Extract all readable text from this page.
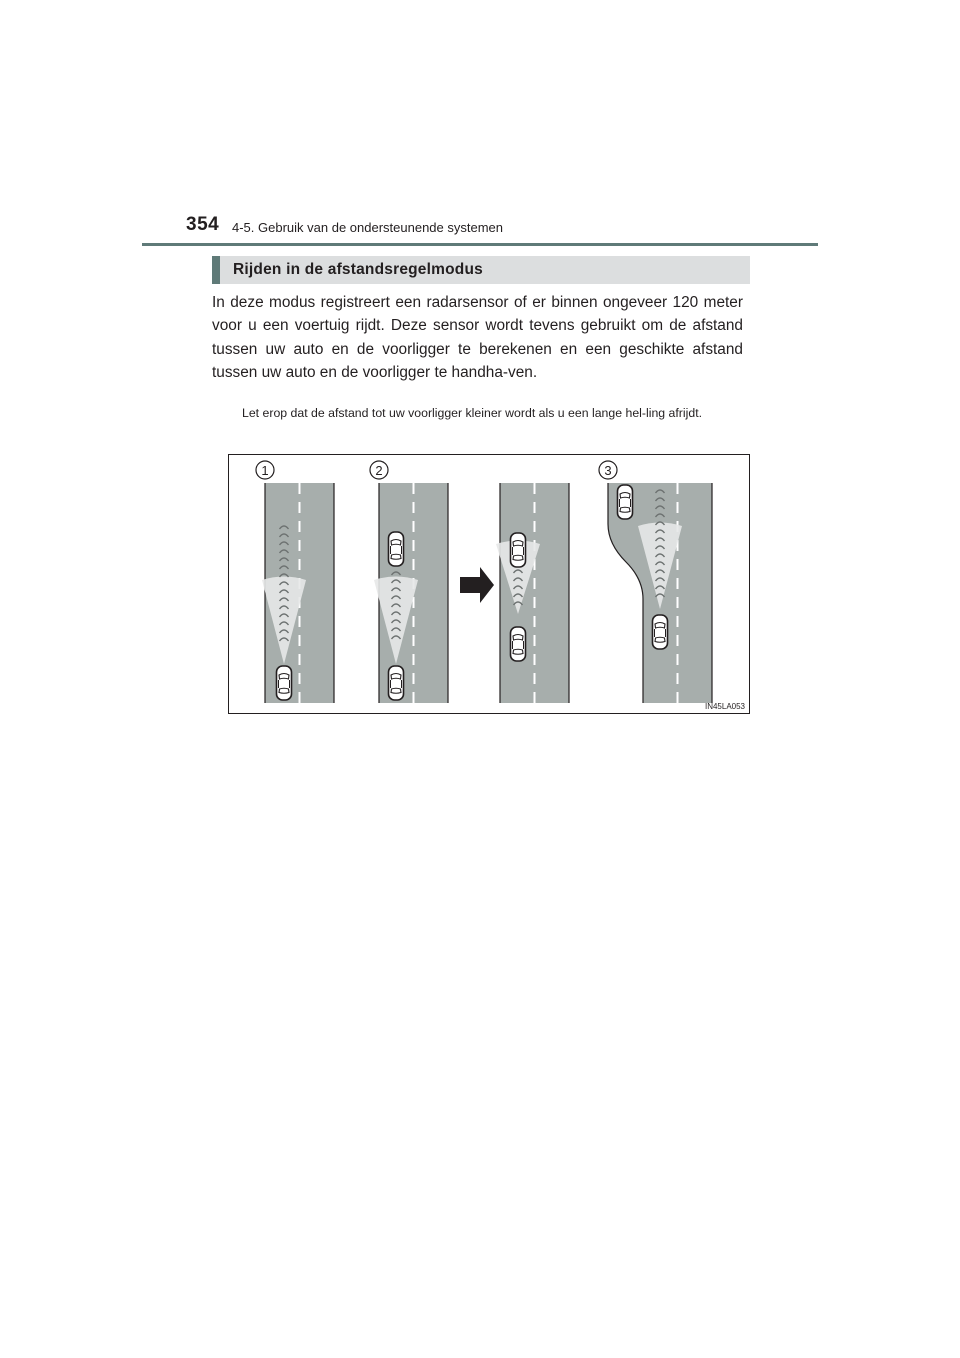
354 4-5. Gebruik van de ondersteunende systemen
Rijden in de afstandsregelmodus

In deze modus registreert een radarsensor of er binnen ongeveer 120 meter voor u een voertuig rijdt. Deze sensor wordt tevens gebruikt om de afstand tussen uw auto en de voorligger te berekenen en een geschikte afstand tussen uw auto en de voorligger te handha-ven.

Let erop dat de afstand tot uw voorligger kleiner wordt als u een lange hel-ling afrijdt.

1	2	3
IN45LA053
